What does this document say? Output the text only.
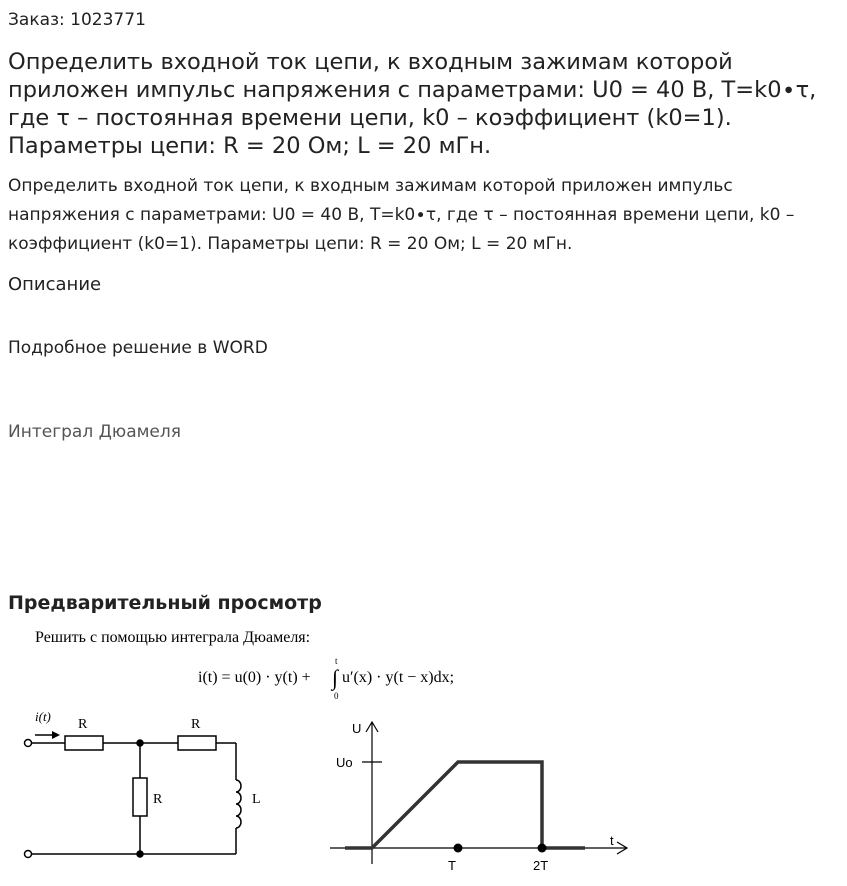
Заказ: 1023771
Определить входной ток цепи, к входным зажимам которой приложен импульс напряжения с параметрами: U0 = 40 В, T=k0∙τ, где τ – постоянная времени цепи, k0 – коэффициент (k0=1). Параметры цепи: R = 20 Ом; L = 20 мГн.
Определить входной ток цепи, к входным зажимам которой приложен импульс напряжения с параметрами: U0 = 40 В, T=k0∙τ, где τ – постоянная времени цепи, k0 – коэффициент (k0=1). Параметры цепи: R = 20 Ом; L = 20 мГн.
Описание
Подробное решение в WORD
Интеграл Дюамеля
Предварительный просмотр
Решить с помощью интеграла Дюамеля:
i(t) = u(0) · y(t) + ∫
t
0
u′(x) · y(t − x)dx;
i(t)
R	R
R	L
U
t
Uo
T	2T
